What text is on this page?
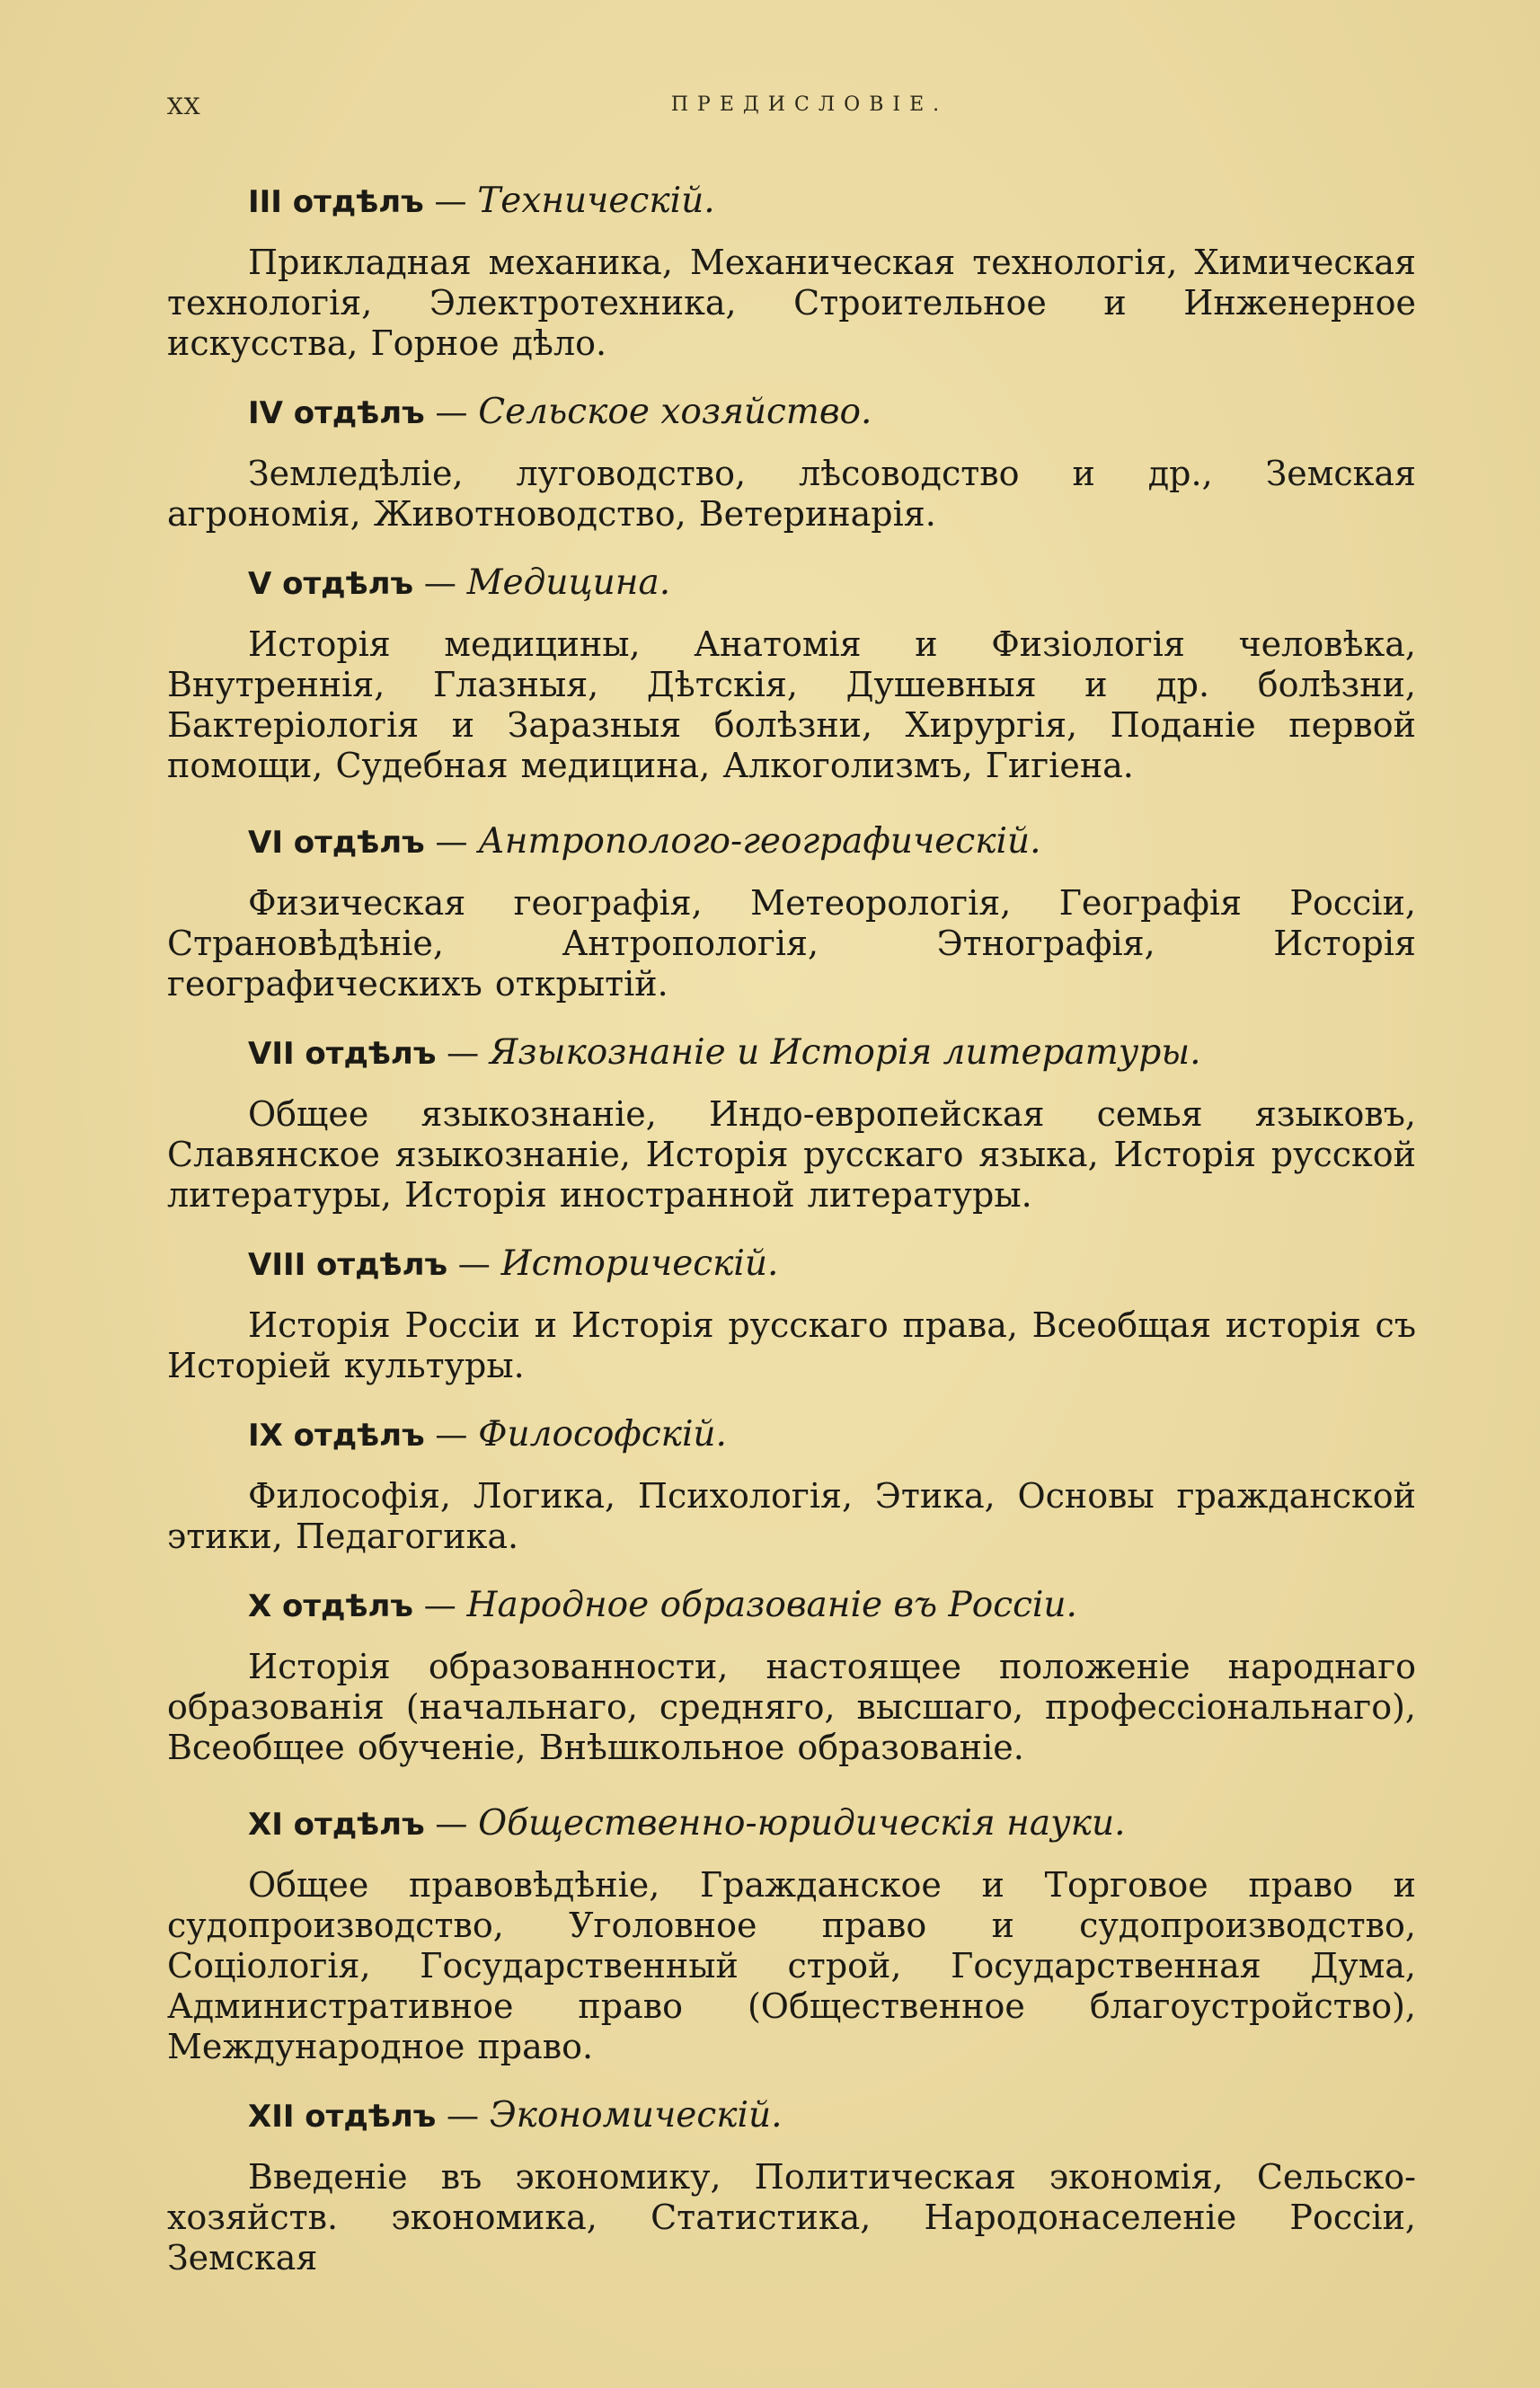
XX	ПРЕДИСЛОВІЕ.
III отдѣлъ — Техническій.

Прикладная механика, Механическая технологія, Химическая технологія, Электротехника, Строительное и Инженерное искусства, Горное дѣло.

IV отдѣлъ — Сельское хозяйство.

Земледѣліе, луговодство, лѣсоводство и др., Земская агрономія, Животноводство, Ветеринарія.

V отдѣлъ — Медицина.

Исторія медицины, Анатомія и Физіологія человѣка, Внутреннія, Глазныя, Дѣтскія, Душевныя и др. болѣзни, Бактеріологія и Заразныя болѣзни, Хирургія, Поданіе первой помощи, Судебная медицина, Алкоголизмъ, Гигіена.

VI отдѣлъ — Антропологo-географическій.

Физическая географія, Метеорологія, Географія Россіи, Страновѣдѣніе, Антропологія, Этнографія, Исторія географическихъ открытій.

VII отдѣлъ — Языкознаніе и Исторія литературы.

Общее языкознаніе, Индо-европейская семья языковъ, Славянское языкознаніе, Исторія русскаго языка, Исторія русской литературы, Исторія иностранной литературы.

VIII отдѣлъ — Историческій.

Исторія Россіи и Исторія русскаго права, Всеобщая исторія съ Исторіей культуры.

IX отдѣлъ — Философскій.

Философія, Логика, Психологія, Этика, Основы гражданской этики, Педагогика.

X отдѣлъ — Народное образованіе въ Россіи.

Исторія образованности, настоящее положеніе народнаго образованія (начальнаго, средняго, высшаго, профессіональнаго), Всеобщее обученіе, Внѣшкольное образованіе.

XI отдѣлъ — Общественно-юридическія науки.

Общее правовѣдѣніе, Гражданское и Торговое право и судопроизводство, Уголовное право и судопроизводство, Соціологія, Государственный строй, Государственная Дума, Административное право (Общественное благоустройство), Международное право.

XII отдѣлъ — Экономическій.

Введеніе въ экономику, Политическая экономія, Сельско-хозяйств. экономика, Статистика, Народонаселеніе Россіи, Земская
